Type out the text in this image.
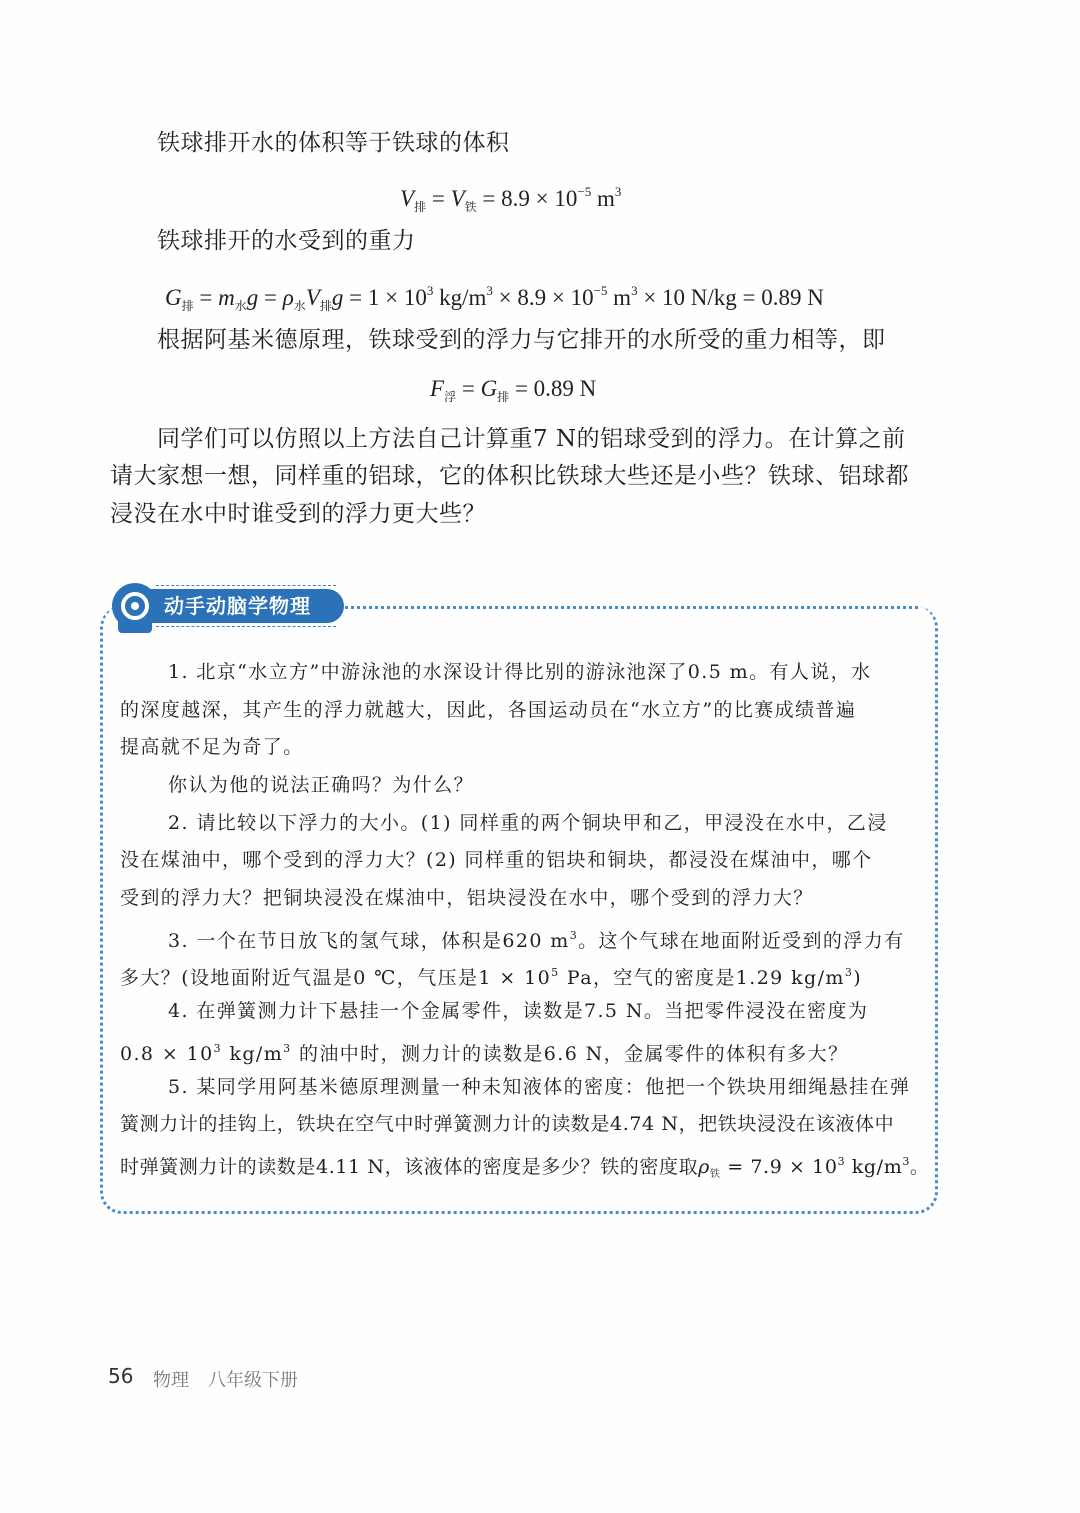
铁球排开水的体积等于铁球的体积
$V_排 = V_铁 = 8.9 \times 10^{-5}$ $m^3$
铁球排开的水受到的重力
$G_排 = m_水g = \rho_水V_排g = 1 \times 10^3$ $kg/m^3 \times 8.9 \times 10^{-5}$ $m^3 \times 10$ N/kg = 0.89 N
根据阿基米德原理，铁球受到的浮力与它排开的水所受的重力相等，即
$F_浮 = G_排 = 0.89$ N
同学们可以仿照以上方法自己计算重7 N的铝球受到的浮力。在计算之前
请大家想一想，同样重的铝球，它的体积比铁球大些还是小些？铁球、铝球都
浸没在水中时谁受到的浮力更大些？
动手动脑学物理
1. 北京“水立方”中游泳池的水深设计得比别的游泳池深了0.5 m。有人说，水
的深度越深，其产生的浮力就越大，因此，各国运动员在“水立方”的比赛成绩普遍
提高就不足为奇了。
你认为他的说法正确吗？为什么？
2. 请比较以下浮力的大小。(1) 同样重的两个铜块甲和乙，甲浸没在水中，乙浸
没在煤油中，哪个受到的浮力大？(2) 同样重的铝块和铜块，都浸没在煤油中，哪个
受到的浮力大？把铜块浸没在煤油中，铝块浸没在水中，哪个受到的浮力大？
3. 一个在节日放飞的氢气球，体积是620 $m^3$。这个气球在地面附近受到的浮力有
多大？(设地面附近气温是0 ℃，气压是$1 \times 10^5$ Pa，空气的密度是1.29 $kg/m^3$)
4. 在弹簧测力计下悬挂一个金属零件，读数是7.5 N。当把零件浸没在密度为
$0.8 \times 10^3$ $kg/m^3$ 的油中时，测力计的读数是6.6 N，金属零件的体积有多大？
5. 某同学用阿基米德原理测量一种未知液体的密度：他把一个铁块用细绳悬挂在弹
簧测力计的挂钩上，铁块在空气中时弹簧测力计的读数是4.74 N，把铁块浸没在该液体中
时弹簧测力计的读数是4.11 N，该液体的密度是多少？铁的密度取$\rho_铁 = 7.9 \times 10^3$ $kg/m^3$。
56 物理 八年级下册
